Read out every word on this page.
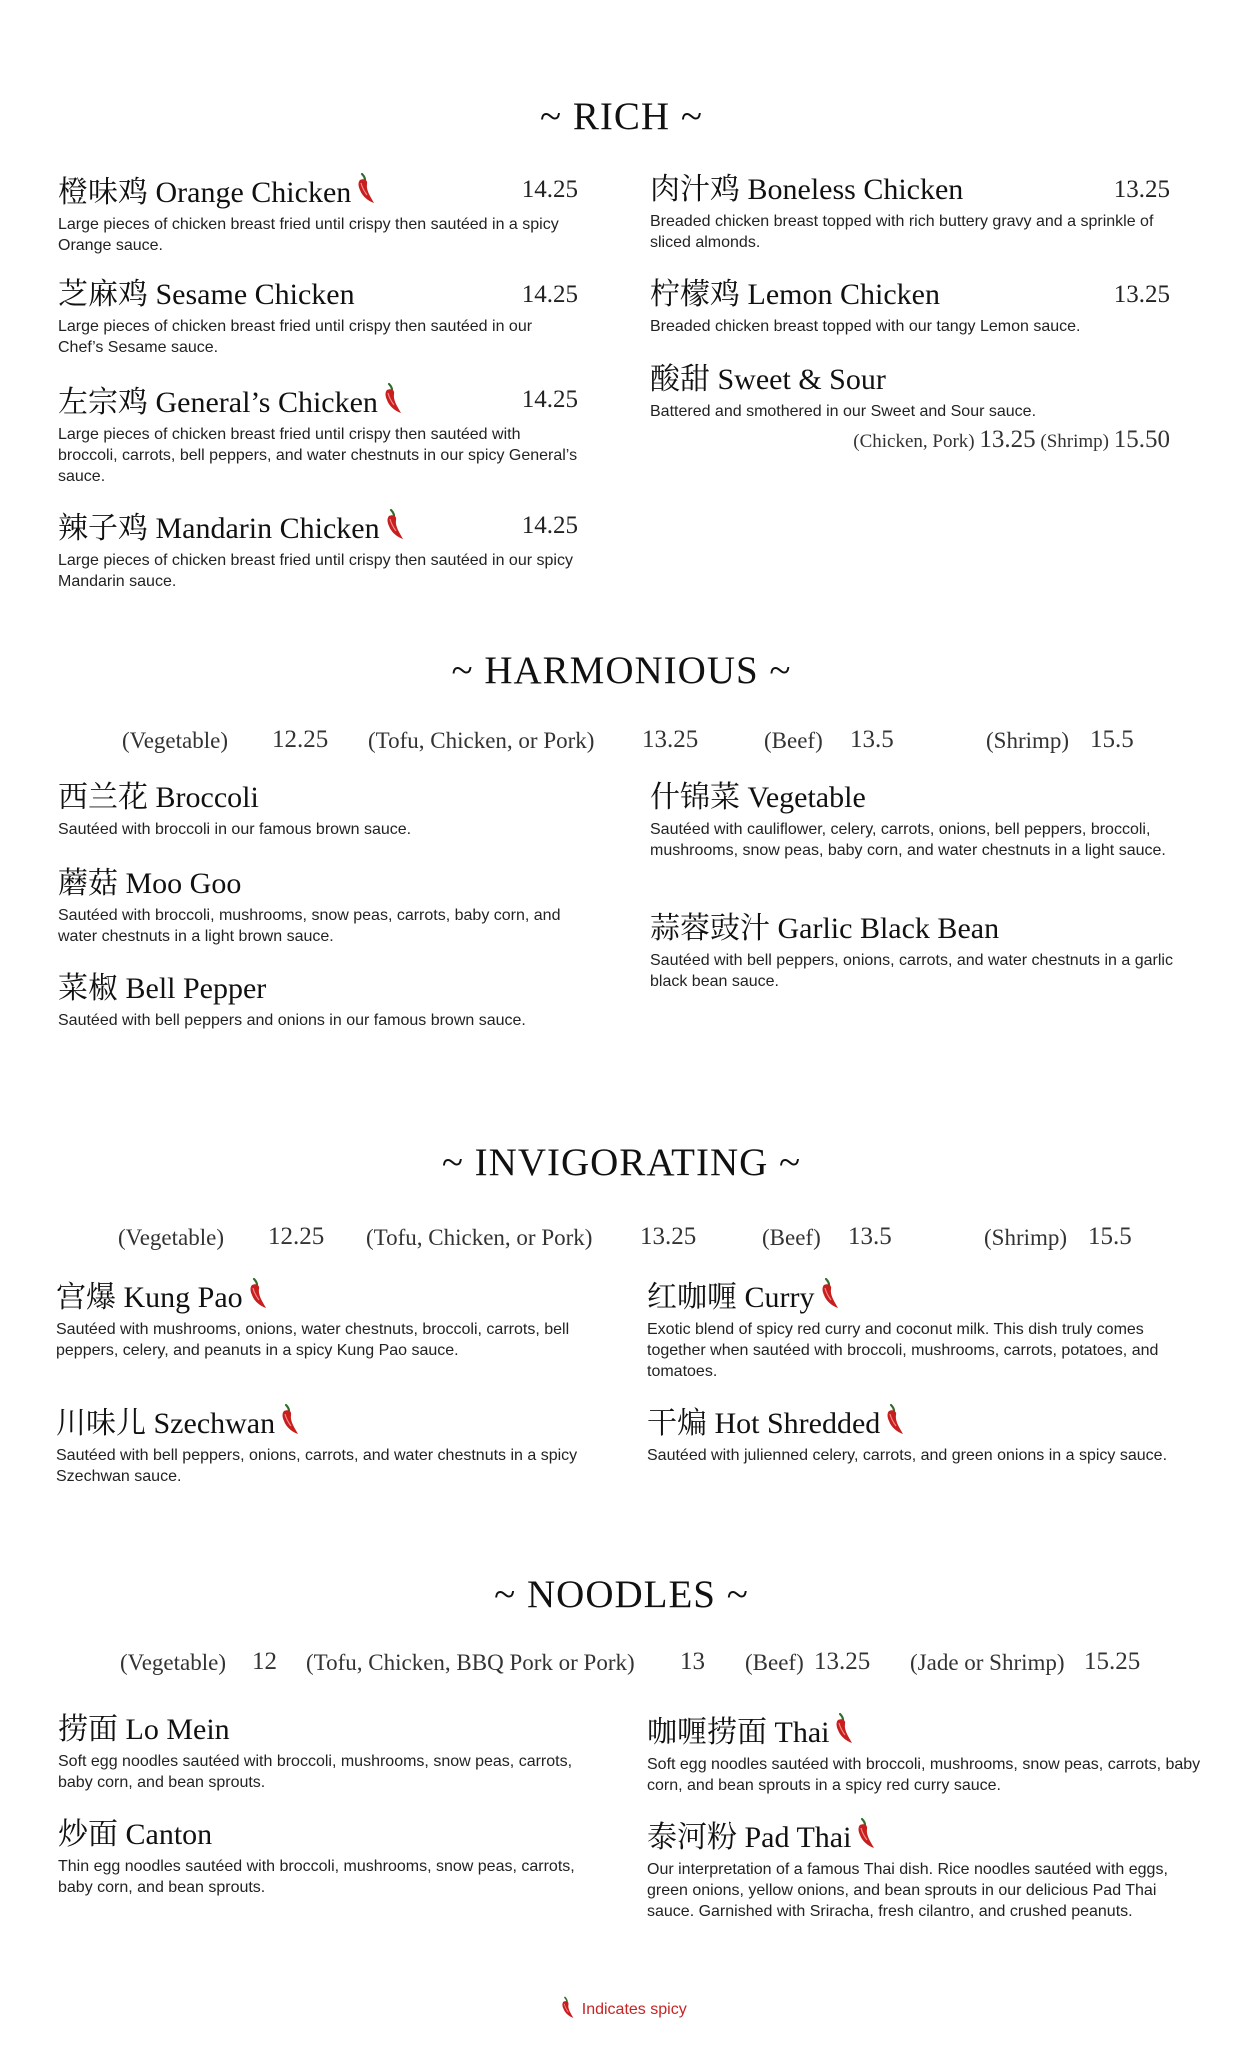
~ RICH ~
橙味鸡 Orange Chicken	14.25
Large pieces of chicken breast fried until crispy then sautéed in a spicy Orange sauce.
芝麻鸡 Sesame Chicken	14.25
Large pieces of chicken breast fried until crispy then sautéed in our Chef’s Sesame sauce.
左宗鸡 General’s Chicken	14.25
Large pieces of chicken breast fried until crispy then sautéed with broccoli, carrots, bell peppers, and water chestnuts in our spicy General’s sauce.
辣子鸡 Mandarin Chicken	14.25
Large pieces of chicken breast fried until crispy then sautéed in our spicy Mandarin sauce.
肉汁鸡 Boneless Chicken	13.25
Breaded chicken breast topped with rich buttery gravy and a sprinkle of sliced almonds.
柠檬鸡 Lemon Chicken	13.25
Breaded chicken breast topped with our tangy Lemon sauce.
酸甜 Sweet & Sour
Battered and smothered in our Sweet and Sour sauce.
(Chicken, Pork) 13.25 (Shrimp) 15.50
~ HARMONIOUS ~
(Vegetable) 12.25 (Tofu, Chicken, or Pork) 13.25	(Beef) 13.5	(Shrimp) 15.5
西兰花 Broccoli
Sautéed with broccoli in our famous brown sauce.
蘑菇 Moo Goo
Sautéed with broccoli, mushrooms, snow peas, carrots, baby corn, and water chestnuts in a light brown sauce.
菜椒 Bell Pepper
Sautéed with bell peppers and onions in our famous brown sauce.
什锦菜 Vegetable
Sautéed with cauliflower, celery, carrots, onions, bell peppers, broccoli, mushrooms, snow peas, baby corn, and water chestnuts in a light sauce.
蒜蓉豉汁 Garlic Black Bean
Sautéed with bell peppers, onions, carrots, and water chestnuts in a garlic black bean sauce.
~ INVIGORATING ~
(Vegetable) 12.25 (Tofu, Chicken, or Pork) 13.25	(Beef) 13.5	(Shrimp) 15.5
宫爆 Kung Pao
Sautéed with mushrooms, onions, water chestnuts, broccoli, carrots, bell peppers, celery, and peanuts in a spicy Kung Pao sauce.
川味儿 Szechwan
Sautéed with bell peppers, onions, carrots, and water chestnuts in a spicy Szechwan sauce.
红咖喱 Curry
Exotic blend of spicy red curry and coconut milk. This dish truly comes together when sautéed with broccoli, mushrooms, carrots, potatoes, and tomatoes.
干煸 Hot Shredded
Sautéed with julienned celery, carrots, and green onions in a spicy sauce.
~ NOODLES ~
(Vegetable) 12 (Tofu, Chicken, BBQ Pork or Pork) 13 (Beef) 13.25 (Jade or Shrimp) 15.25
捞面 Lo Mein
Soft egg noodles sautéed with broccoli, mushrooms, snow peas, carrots, baby corn, and bean sprouts.
炒面 Canton
Thin egg noodles sautéed with broccoli, mushrooms, snow peas, carrots, baby corn, and bean sprouts.
咖喱捞面 Thai
Soft egg noodles sautéed with broccoli, mushrooms, snow peas, carrots, baby corn, and bean sprouts in a spicy red curry sauce.
泰河粉 Pad Thai
Our interpretation of a famous Thai dish. Rice noodles sautéed with eggs, green onions, yellow onions, and bean sprouts in our delicious Pad Thai sauce. Garnished with Sriracha, fresh cilantro, and crushed peanuts.
Indicates spicy
